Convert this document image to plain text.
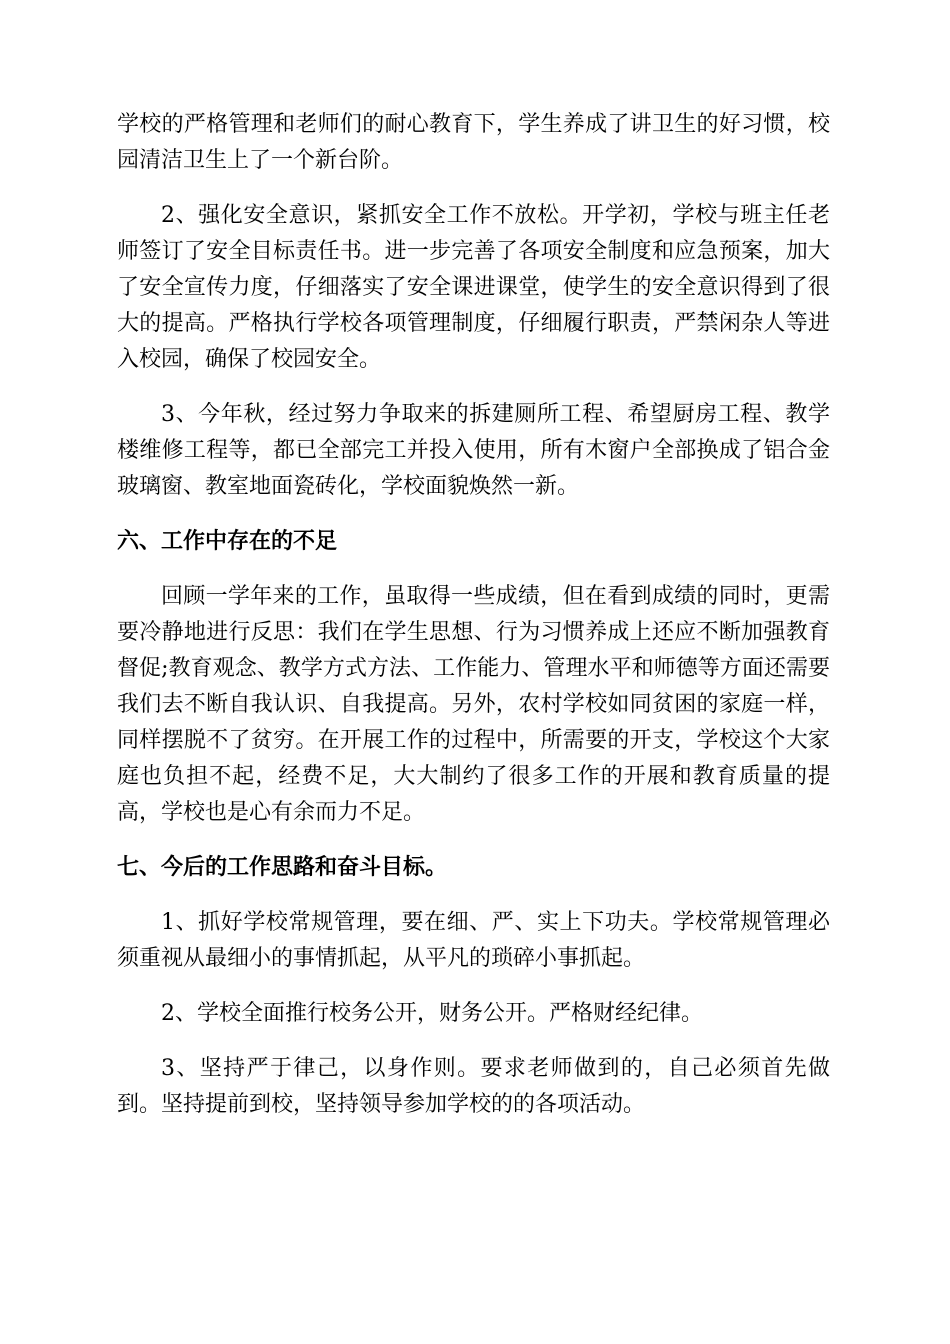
学校的严格管理和老师们的耐心教育下，学生养成了讲卫生的好习惯，校园清洁卫生上了一个新台阶。

2、强化安全意识，紧抓安全工作不放松。开学初，学校与班主任老师签订了安全目标责任书。进一步完善了各项安全制度和应急预案，加大了安全宣传力度，仔细落实了安全课进课堂，使学生的安全意识得到了很大的提高。严格执行学校各项管理制度，仔细履行职责，严禁闲杂人等进入校园，确保了校园安全。

3、今年秋，经过努力争取来的拆建厕所工程、希望厨房工程、教学楼维修工程等，都已全部完工并投入使用，所有木窗户全部换成了铝合金玻璃窗、教室地面瓷砖化，学校面貌焕然一新。

六、工作中存在的不足

回顾一学年来的工作，虽取得一些成绩，但在看到成绩的同时，更需要冷静地进行反思：我们在学生思想、行为习惯养成上还应不断加强教育督促;教育观念、教学方式方法、工作能力、管理水平和师德等方面还需要我们去不断自我认识、自我提高。另外，农村学校如同贫困的家庭一样，同样摆脱不了贫穷。在开展工作的过程中，所需要的开支，学校这个大家庭也负担不起，经费不足，大大制约了很多工作的开展和教育质量的提高，学校也是心有余而力不足。

七、今后的工作思路和奋斗目标。

1、抓好学校常规管理，要在细、严、实上下功夫。学校常规管理必须重视从最细小的事情抓起，从平凡的琐碎小事抓起。

2、学校全面推行校务公开，财务公开。严格财经纪律。

3、坚持严于律己，以身作则。要求老师做到的，自己必须首先做到。坚持提前到校，坚持领导参加学校的的各项活动。
